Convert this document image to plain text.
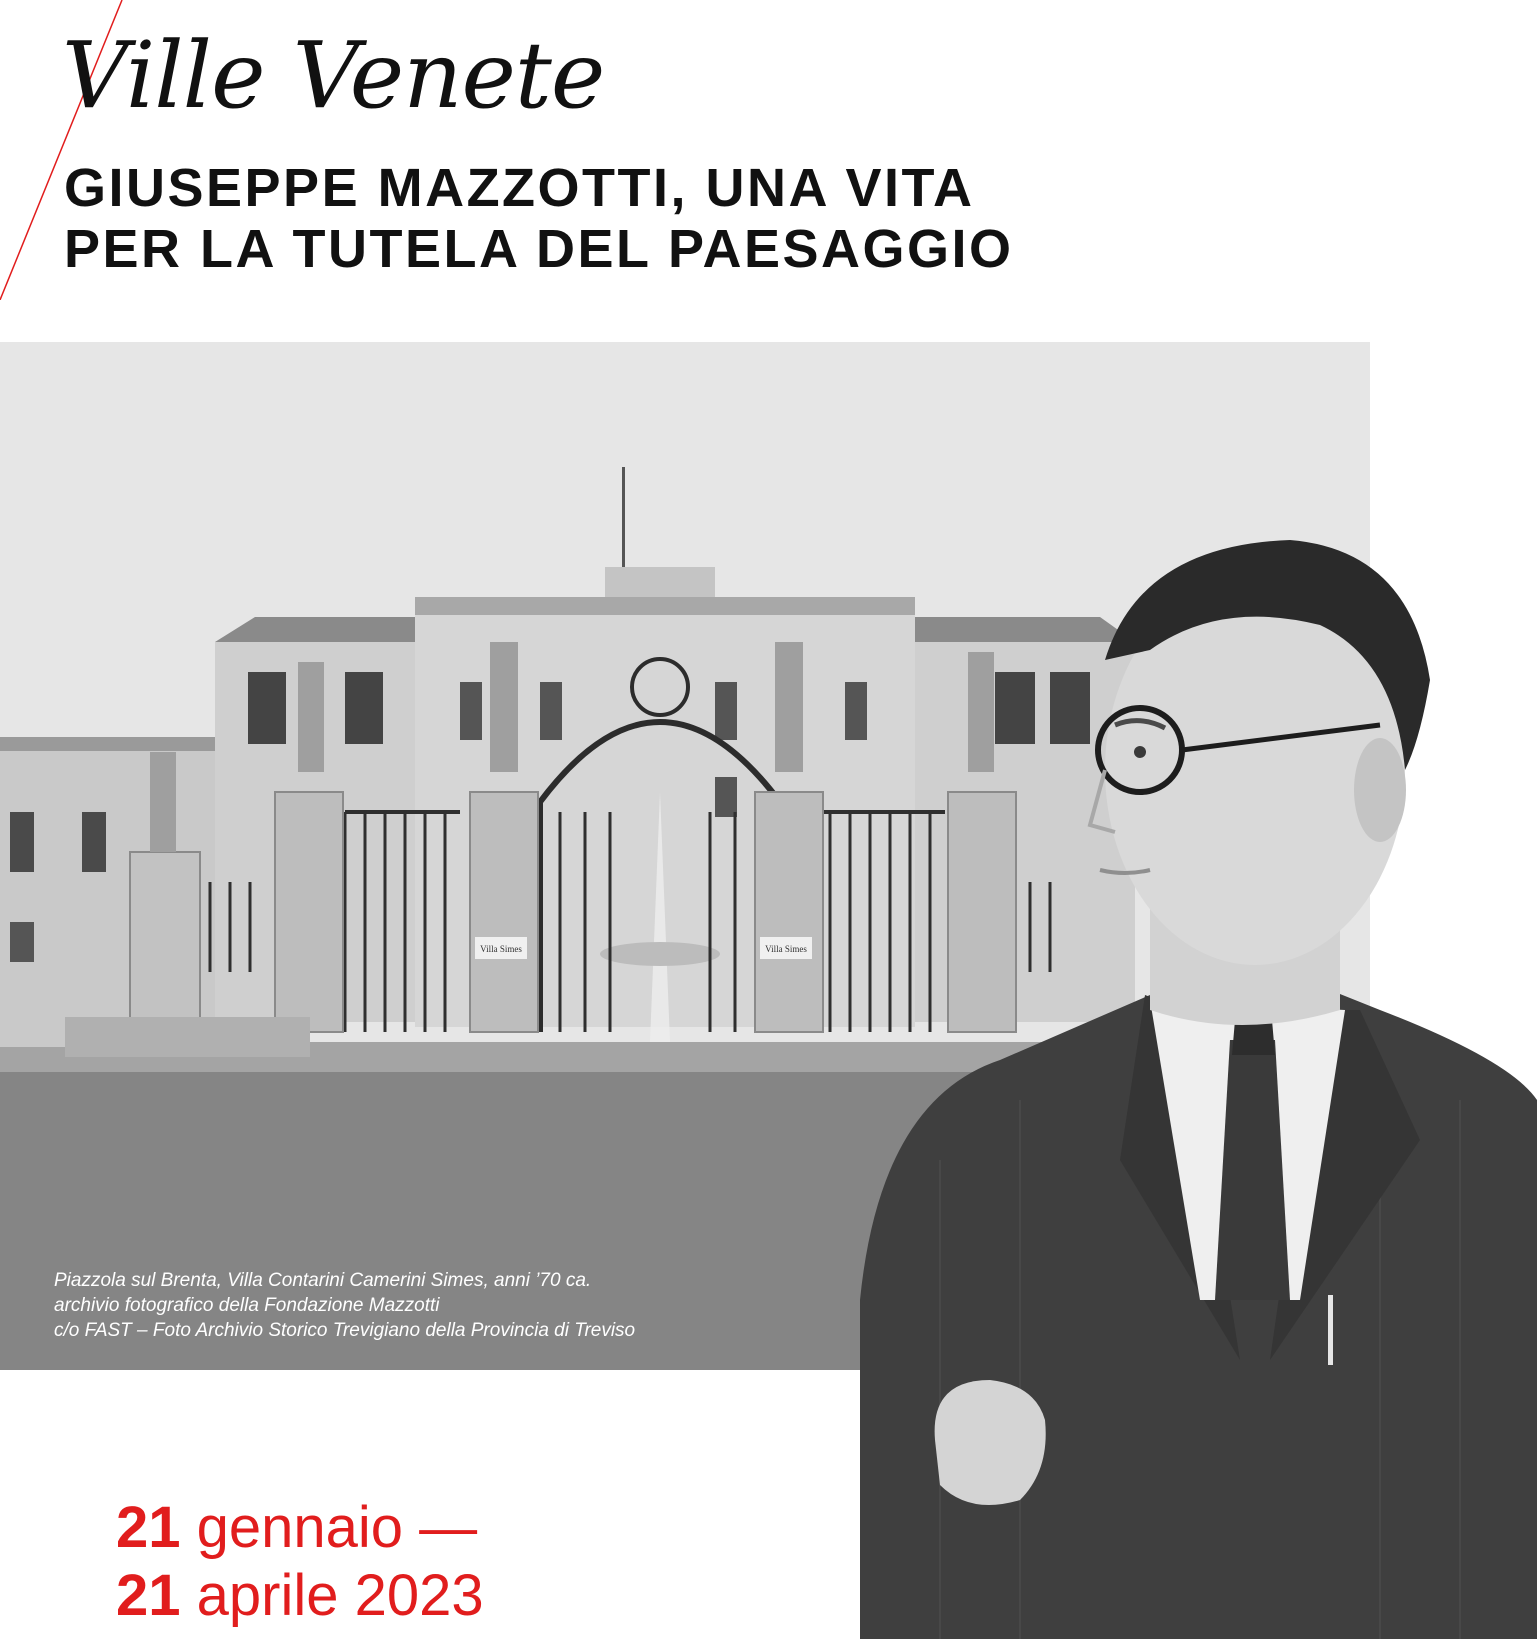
Ville Venete
GIUSEPPE MAZZOTTI, UNA VITA
PER LA TUTELA DEL PAESAGGIO
Villa Simes	Villa Simes
Piazzola sul Brenta, Villa Contarini Camerini Simes, anni ’70 ca.
archivio fotografico della Fondazione Mazzotti
c/o FAST – Foto Archivio Storico Trevigiano della Provincia di Treviso
21 gennaio —
21 aprile 2023
